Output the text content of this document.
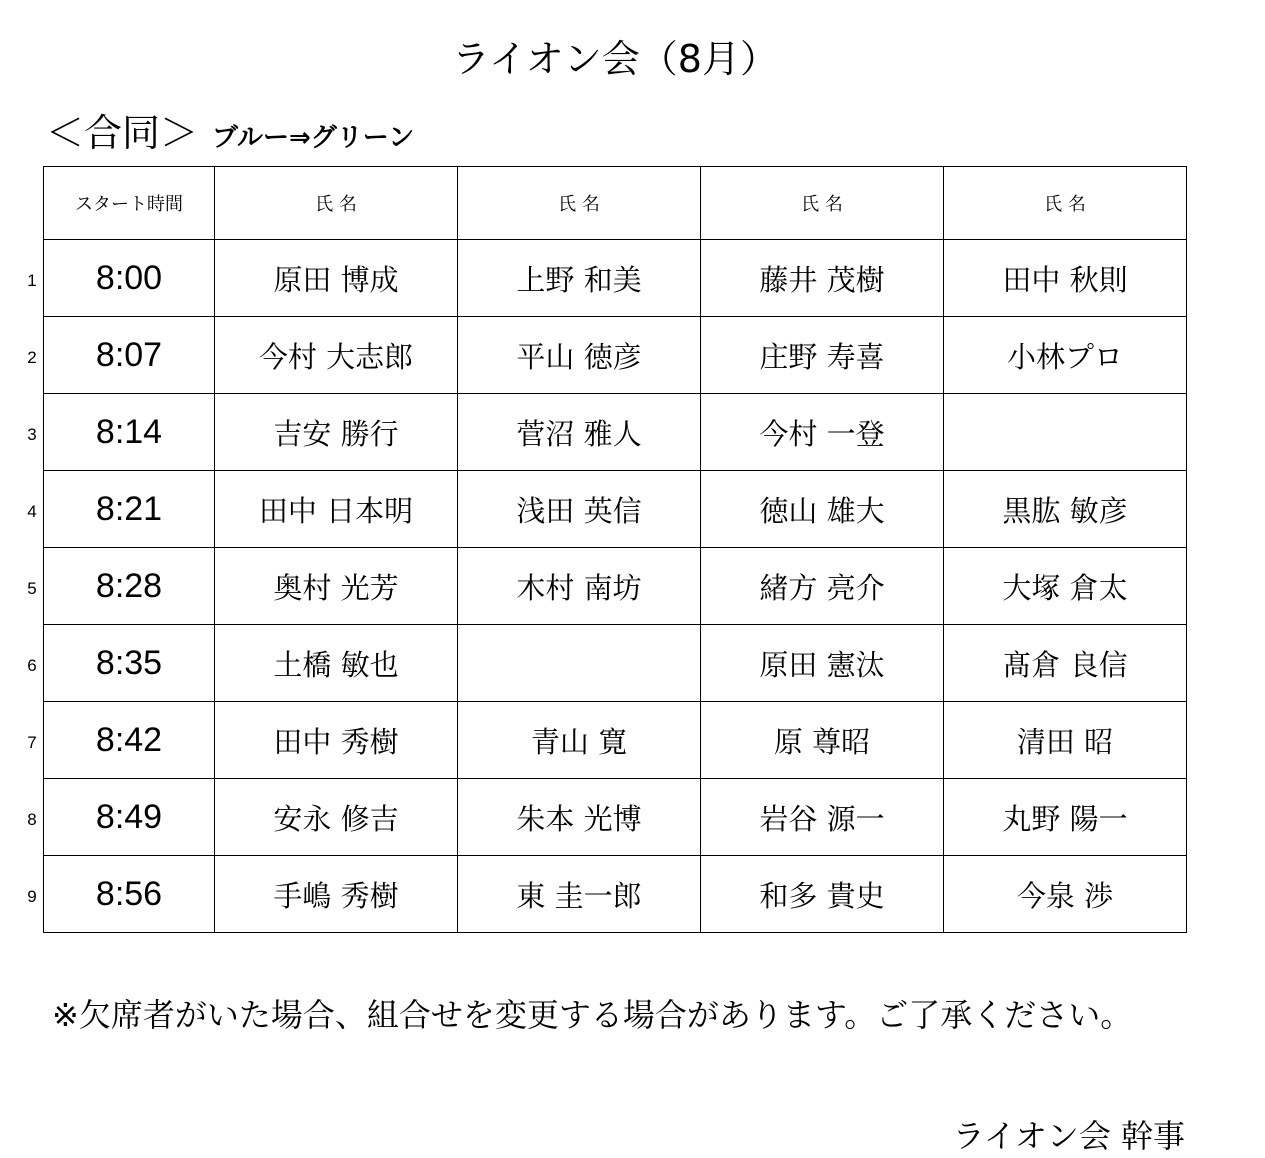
ライオン会（8月）
＜合同＞ ブルー⇒グリーン
1
2
3
4
5
6
7
8
9
スタート時間	氏 名	氏 名	氏 名	氏 名
8:00	原田 博成	上野 和美	藤井 茂樹	田中 秋則
8:07	今村 大志郎	平山 徳彦	庄野 寿喜	小林プロ
8:14	吉安 勝行	菅沼 雅人	今村 一登	
8:21	田中 日本明	浅田 英信	徳山 雄大	黒肱 敏彦
8:28	奥村 光芳	木村 南坊	緒方 亮介	大塚 倉太
8:35	土橋 敏也		原田 憲汰	髙倉 良信
8:42	田中 秀樹	青山 寛	原 尊昭	清田 昭
8:49	安永 修吉	朱本 光博	岩谷 源一	丸野 陽一
8:56	手嶋 秀樹	東 圭一郎	和多 貴史	今泉 渉
※欠席者がいた場合、組合せを変更する場合があります。ご了承ください。
ライオン会 幹事
